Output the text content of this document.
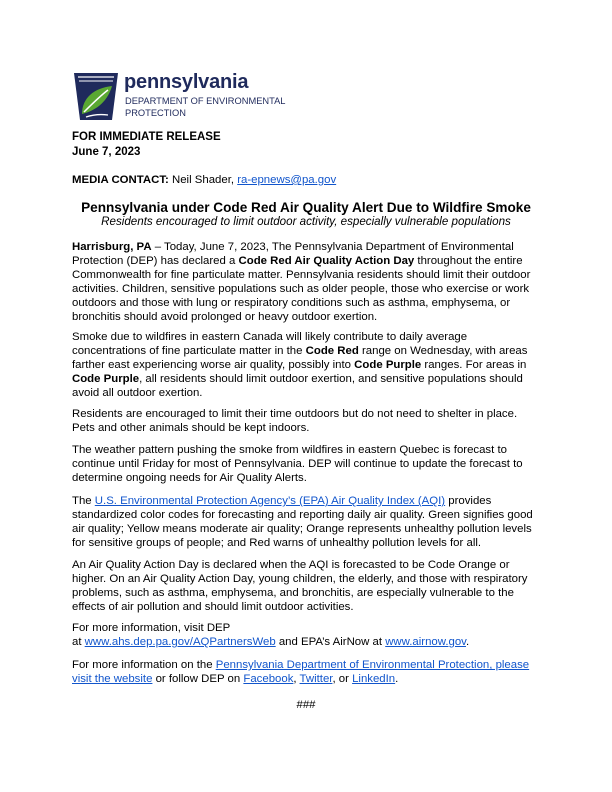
pennsylvania
DEPARTMENT OF ENVIRONMENTAL
PROTECTION
FOR IMMEDIATE RELEASE
June 7, 2023
MEDIA CONTACT: Neil Shader, ra-epnews@pa.gov
Pennsylvania under Code Red Air Quality Alert Due to Wildfire Smoke
Residents encouraged to limit outdoor activity, especially vulnerable populations

Harrisburg, PA – Today, June 7, 2023, The Pennsylvania Department of Environmental Protection (DEP) has declared a Code Red Air Quality Action Day throughout the entire Commonwealth for fine particulate matter. Pennsylvania residents should limit their outdoor activities. Children, sensitive populations such as older people, those who exercise or work outdoors and those with lung or respiratory conditions such as asthma, emphysema, or bronchitis should avoid prolonged or heavy outdoor exertion.

Smoke due to wildfires in eastern Canada will likely contribute to daily average concentrations of fine particulate matter in the Code Red range on Wednesday, with areas farther east experiencing worse air quality, possibly into Code Purple ranges. For areas in Code Purple, all residents should limit outdoor exertion, and sensitive populations should avoid all outdoor exertion.

Residents are encouraged to limit their time outdoors but do not need to shelter in place. Pets and other animals should be kept indoors.

The weather pattern pushing the smoke from wildfires in eastern Quebec is forecast to continue until Friday for most of Pennsylvania. DEP will continue to update the forecast to determine ongoing needs for Air Quality Alerts.

The U.S. Environmental Protection Agency’s (EPA) Air Quality Index (AQI) provides standardized color codes for forecasting and reporting daily air quality. Green signifies good air quality; Yellow means moderate air quality; Orange represents unhealthy pollution levels for sensitive groups of people; and Red warns of unhealthy pollution levels for all.

An Air Quality Action Day is declared when the AQI is forecasted to be Code Orange or higher. On an Air Quality Action Day, young children, the elderly, and those with respiratory problems, such as asthma, emphysema, and bronchitis, are especially vulnerable to the effects of air pollution and should limit outdoor activities.

For more information, visit DEP
at www.ahs.dep.pa.gov/AQPartnersWeb and EPA’s AirNow at www.airnow.gov.

For more information on the Pennsylvania Department of Environmental Protection, please visit the website or follow DEP on Facebook, Twitter, or LinkedIn.

###
